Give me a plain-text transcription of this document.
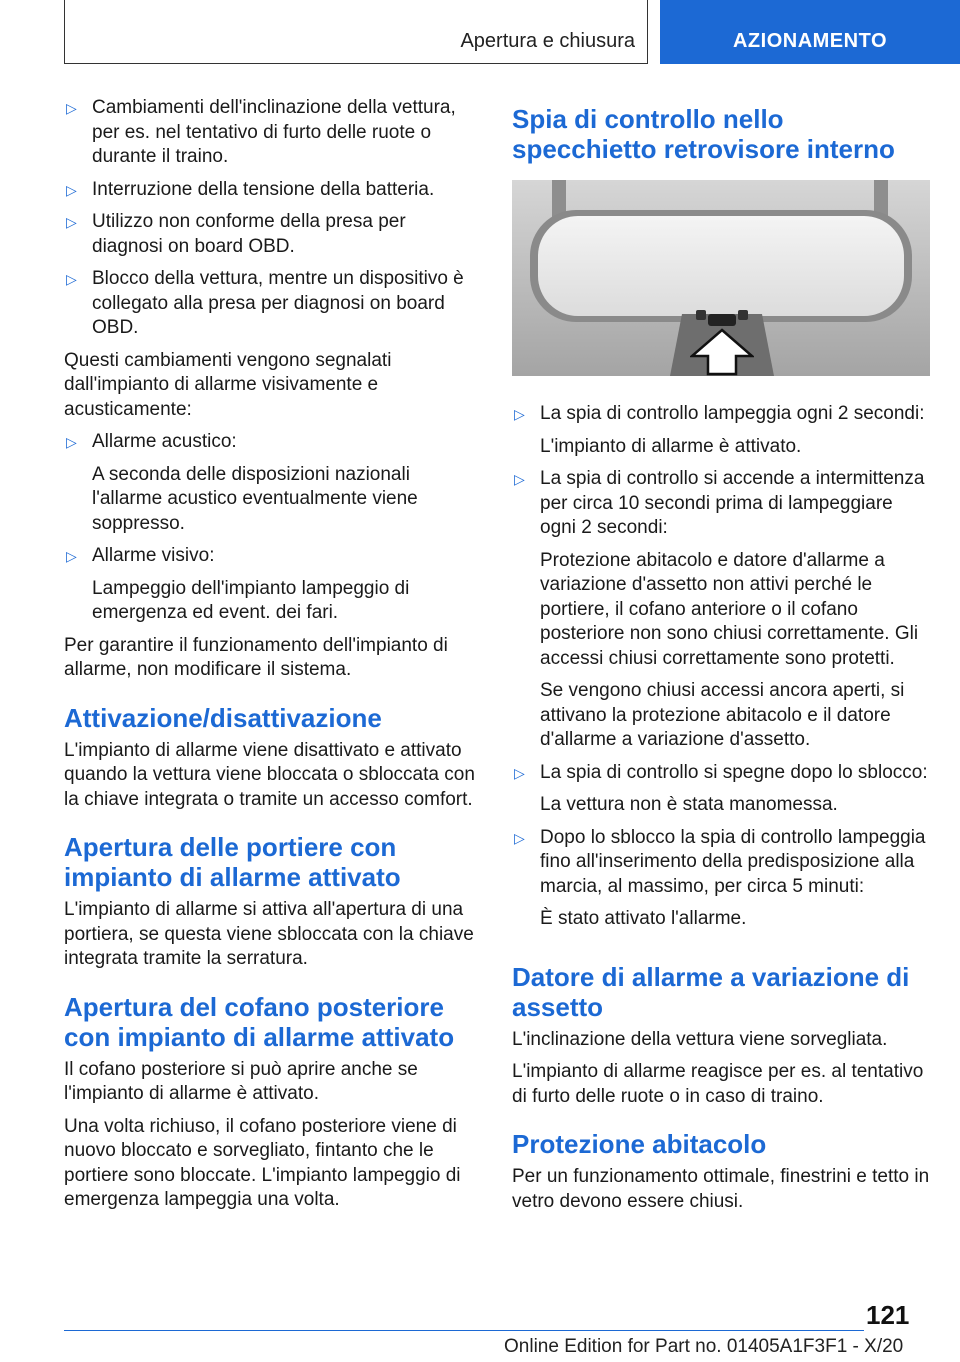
Apertura e chiusura	AZIONAMENTO
▷ Cambiamenti dell'inclinazione della vettura, per es. nel tentativo di furto delle ruote o durante il traino.
▷ Interruzione della tensione della batteria.
▷ Utilizzo non conforme della presa per diagnosi on board OBD.
▷ Blocco della vettura, mentre un dispositivo è collegato alla presa per diagnosi on board OBD.

Questi cambiamenti vengono segnalati dall'impianto di allarme visivamente e acusticamente:

▷ Allarme acustico:

A seconda delle disposizioni nazionali l'allarme acustico eventualmente viene soppresso.

▷ Allarme visivo:

Lampeggio dell'impianto lampeggio di emergenza ed event. dei fari.

Per garantire il funzionamento dell'impianto di allarme, non modificare il sistema.

Attivazione/disattivazione

L'impianto di allarme viene disattivato e attivato quando la vettura viene bloccata o sbloccata con la chiave integrata o tramite un accesso comfort.

Apertura delle portiere con impianto di allarme attivato

L'impianto di allarme si attiva all'apertura di una portiera, se questa viene sbloccata con la chiave integrata tramite la serratura.

Apertura del cofano posteriore con impianto di allarme attivato

Il cofano posteriore si può aprire anche se l'impianto di allarme è attivato.

Una volta richiuso, il cofano posteriore viene di nuovo bloccato e sorvegliato, fintanto che le portiere sono bloccate. L'impianto lampeggio di emergenza lampeggia una volta.

Spia di controllo nello specchietto retrovisore interno
▷ La spia di controllo lampeggia ogni 2 secondi:

L'impianto di allarme è attivato.

▷ La spia di controllo si accende a intermittenza per circa 10 secondi prima di lampeggiare ogni 2 secondi:

Protezione abitacolo e datore d'allarme a variazione d'assetto non attivi perché le portiere, il cofano anteriore o il cofano posteriore non sono chiusi correttamente. Gli accessi chiusi correttamente sono protetti.

Se vengono chiusi accessi ancora aperti, si attivano la protezione abitacolo e il datore d'allarme a variazione d'assetto.

▷ La spia di controllo si spegne dopo lo sblocco:

La vettura non è stata manomessa.

▷ Dopo lo sblocco la spia di controllo lampeggia fino all'inserimento della predisposizione alla marcia, al massimo, per circa 5 minuti:

È stato attivato l'allarme.

Datore di allarme a variazione di assetto

L'inclinazione della vettura viene sorvegliata.

L'impianto di allarme reagisce per es. al tentativo di furto delle ruote o in caso di traino.

Protezione abitacolo

Per un funzionamento ottimale, finestrini e tetto in vetro devono essere chiusi.

121
Online Edition for Part no. 01405A1F3F1 - X/20
